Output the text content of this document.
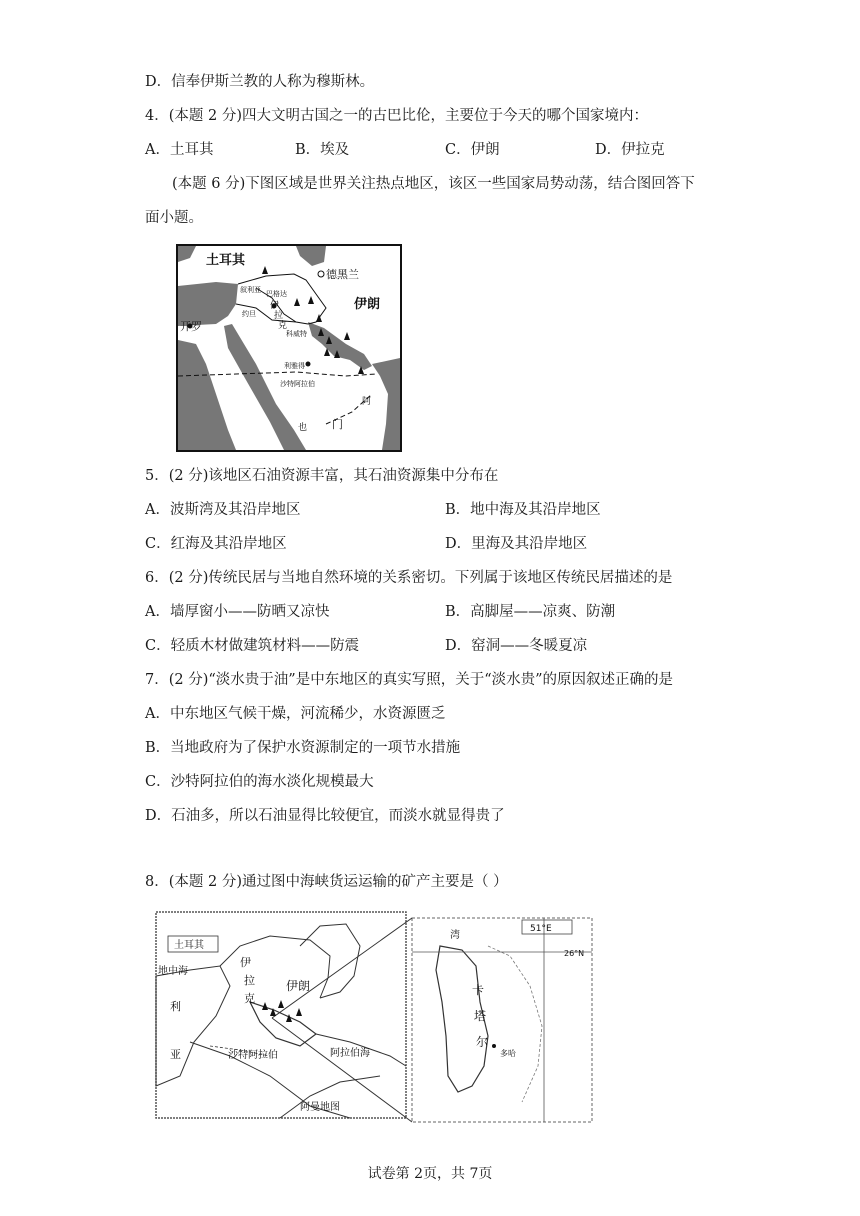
D．信奉伊斯兰教的人称为穆斯林。
4．(本题 2 分)四大文明古国之一的古巴比伦，主要位于今天的哪个国家境内：
A．土耳其	B．埃及	C．伊朗	D．伊拉克
(本题 6 分)下图区域是世界关注热点地区，该区一些国家局势动荡，结合图回答下
面小题。
土耳其
德黑兰
伊朗
叙利亚 巴格达
伊
拉
克
约旦
开罗
科威特
利雅得
沙特阿拉伯
阿
也 门
5．(2 分)该地区石油资源丰富，其石油资源集中分布在
A．波斯湾及其沿岸地区	B．地中海及其沿岸地区
C．红海及其沿岸地区	D．里海及其沿岸地区
6．(2 分)传统民居与当地自然环境的关系密切。下列属于该地区传统民居描述的是
A．墙厚窗小——防晒又凉快	B．高脚屋——凉爽、防潮
C．轻质木材做建筑材料——防震	D．窑洞——冬暖夏凉
7．(2 分)“淡水贵于油”是中东地区的真实写照，关于“淡水贵”的原因叙述正确的是
A．中东地区气候干燥，河流稀少，水资源匮乏
B．当地政府为了保护水资源制定的一项节水措施
C．沙特阿拉伯的海水淡化规模最大
D．石油多，所以石油显得比较便宜，而淡水就显得贵了
8．(本题 2 分)通过图中海峡货运运输的矿产主要是（ ）
土耳其
地中海
伊朗
伊
拉
克
利
亚	沙特阿拉伯	阿拉伯海
阿曼地图
51°E
26°N
湾
卡
塔
尔
多哈
试卷第 2页，共 7页
